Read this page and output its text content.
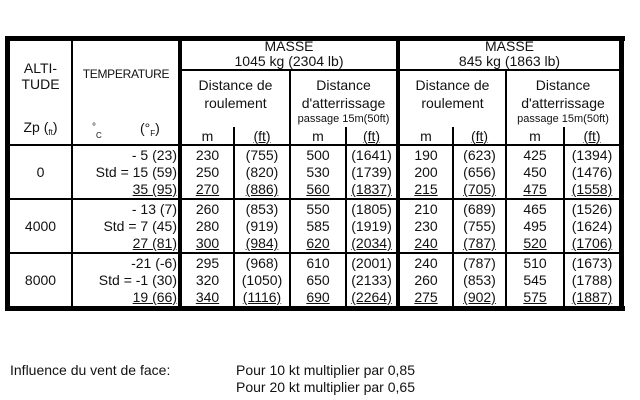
ALTI-
TUDE
Zp $(_{ft})$
TEMPERATURE
°$_C$	$(^\circ_F)$
MASSE
1045 kg (2304 lb)
Distance de
roulement
Distance
d'atterrissage
passage 15m(50ft)
m	(ft)	m	(ft)
MASSE
845 kg (1863 lb)
Distance de
roulement
Distance
d'atterrissage
passage 15m(50ft)
m	(ft)	m	(ft)
0
- 5 (23)	230	(755)	500	(1641)	190	(623)	425	(1394)
Std = 15 (59)	250	(820)	530	(1739)	200	(656)	450	(1476)
35 (95)	270	(886)	560	(1837)	215	(705)	475	(1558)
4000
- 13 (7)	260	(853)	550	(1805)	210	(689)	465	(1526)
Std = 7 (45)	280	(919)	585	(1919)	230	(755)	495	(1624)
27 (81)	300	(984)	620	(2034)	240	(787)	520	(1706)
8000
-21 (-6)	295	(968)	610	(2001)	240	(787)	510	(1673)
Std = -1 (30)	320	(1050)	650	(2133)	260	(853)	545	(1788)
19 (66)	340	(1116)	690	(2264)	275	(902)	575	(1887)
Influence du vent de face:	Pour 10 kt multiplier par 0,85
Pour 20 kt multiplier par 0,65
